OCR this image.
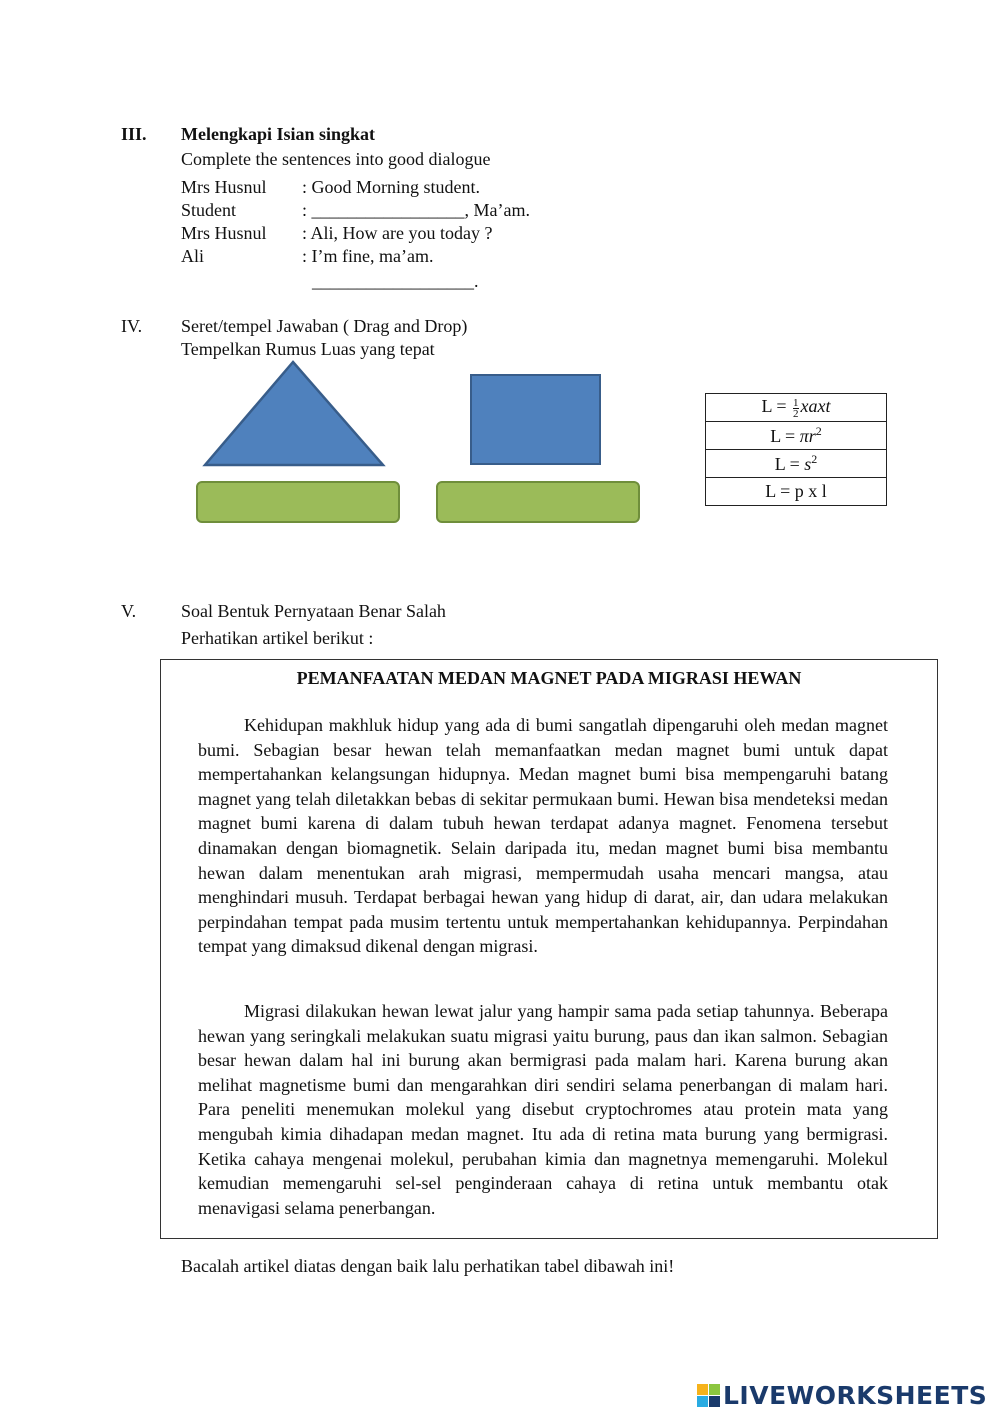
III. Melengkapi Isian singkat
Complete the sentences into good dialogue
Mrs Husnul : Good Morning student.
Student	: _________________, Ma’am.
Mrs Husnul : Ali, How are you today ?
Ali	: I’m fine, ma’am.
__________________.
IV. Seret/tempel Jawaban ( Drag and Drop)
Tempelkan Rumus Luas yang tepat
$L = \frac{1}{2}$ xaxt
$L = \pi r^2$
$L = s^2$
L = p x l
V. Soal Bentuk Pernyataan Benar Salah
Perhatikan artikel berikut :
PEMANFAATAN MEDAN MAGNET PADA MIGRASI HEWAN
Kehidupan makhluk hidup yang ada di bumi sangatlah dipengaruhi oleh medan magnet bumi. Sebagian besar hewan telah memanfaatkan medan magnet bumi untuk dapat mempertahankan kelangsungan hidupnya. Medan magnet bumi bisa mempengaruhi batang magnet yang telah diletakkan bebas di sekitar permukaan bumi. Hewan bisa mendeteksi medan magnet bumi karena di dalam tubuh hewan terdapat adanya magnet. Fenomena tersebut dinamakan dengan biomagnetik. Selain daripada itu, medan magnet bumi bisa membantu hewan dalam menentukan arah migrasi, mempermudah usaha mencari mangsa, atau menghindari musuh. Terdapat berbagai hewan yang hidup di darat, air, dan udara melakukan perpindahan tempat pada musim tertentu untuk mempertahankan kehidupannya. Perpindahan tempat yang dimaksud dikenal dengan migrasi.
Migrasi dilakukan hewan lewat jalur yang hampir sama pada setiap tahunnya. Beberapa hewan yang seringkali melakukan suatu migrasi yaitu burung, paus dan ikan salmon. Sebagian besar hewan dalam hal ini burung akan bermigrasi pada malam hari. Karena burung akan melihat magnetisme bumi dan mengarahkan diri sendiri selama penerbangan di malam hari. Para peneliti menemukan molekul yang disebut cryptochromes atau protein mata yang mengubah kimia dihadapan medan magnet. Itu ada di retina mata burung yang bermigrasi. Ketika cahaya mengenai molekul, perubahan kimia dan magnetnya memengaruhi. Molekul kemudian memengaruhi sel-sel penginderaan cahaya di retina untuk membantu otak menavigasi selama penerbangan.
Bacalah artikel diatas dengan baik lalu perhatikan tabel dibawah ini!
LIVEWORKSHEETS
